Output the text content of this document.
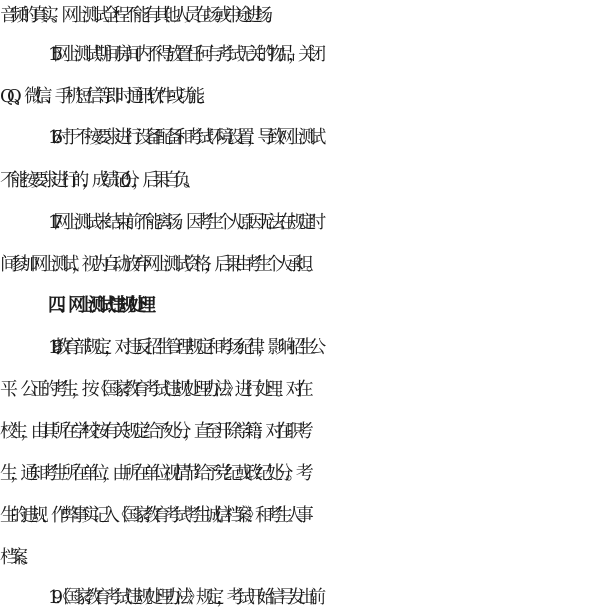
音频的真实。网上测试全程不能有其他人员在场或中途进场。
15.网上测试期间房间内不得放置任何与考试无关的物品，关闭
QQ、微信、手机短信等即时通讯软件或功能。
16.对于不按要求进行设备配备和考试环境设置，导致网上测试
不能按要求进行的，成绩记 0 分，后果自负。
17.网上测试未结束前不能离场。因考生个人原因无法在规定时
间参加网上测试，视为自动放弃网上测试资格，后果由考生个人承担。
四、网上测试违规处理
18.教育部规定，对违反招生管理规定和考场纪律，影响招生公
平、公正的考生，按《国家教育考试违规处理办法》进行处理。对在
校生，由其所在学校按有关规定给予处分，直至开除学籍；对在职考
生，通知考生所在单位，由所在单位视情节给予党纪或政纪处分。考
生的违规、作弊事实记入《国家教育考试考生诚信档案》和考生人事
档案。
19.《国家教育考试违规处理办法》规定，考试开始信号发出前
